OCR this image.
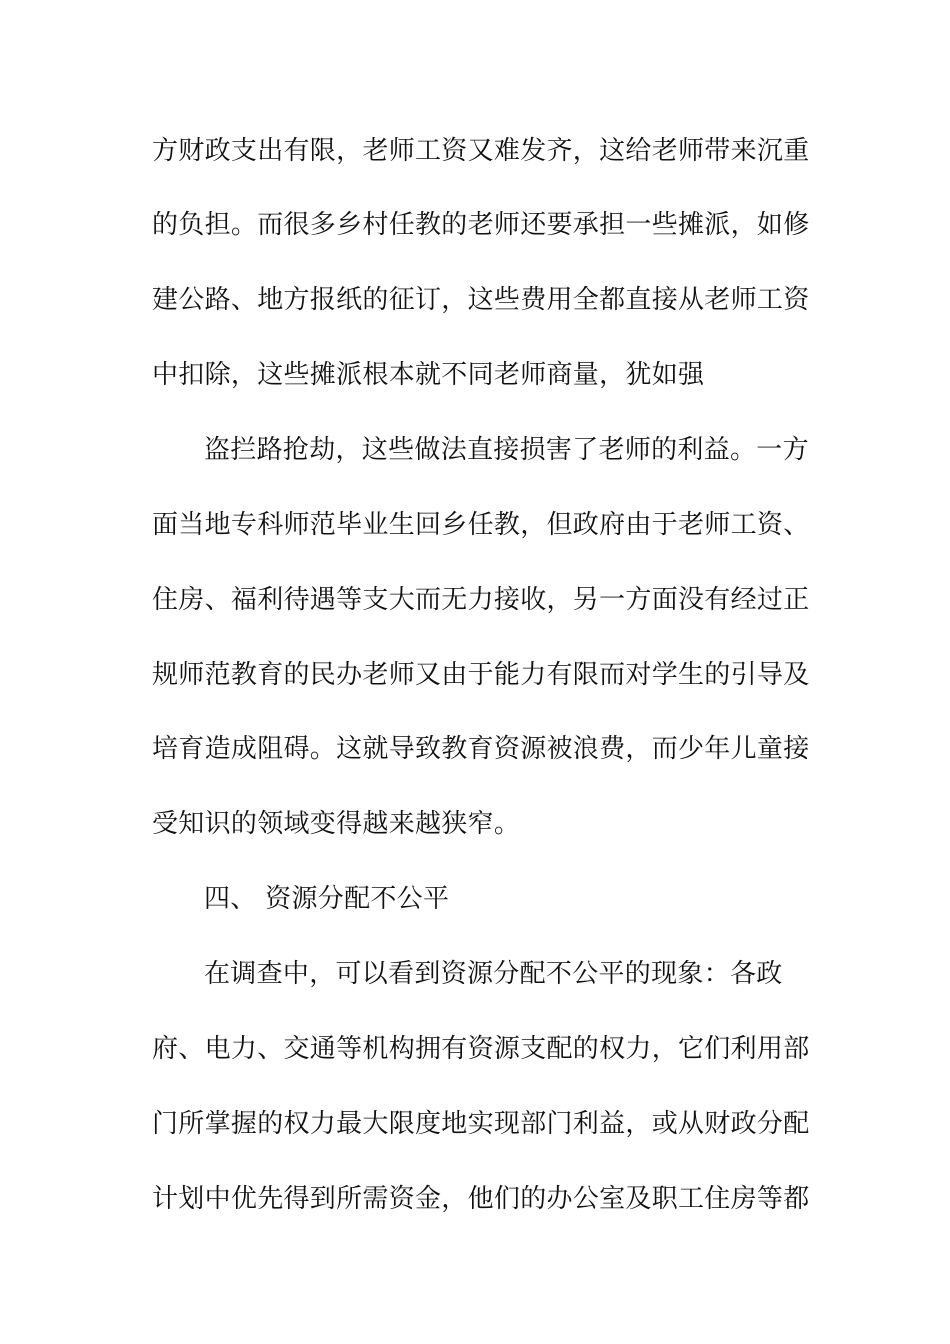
方财政支出有限，老师工资又难发齐，这给老师带来沉重
的负担。而很多乡村任教的老师还要承担一些摊派，如修
建公路、地方报纸的征订，这些费用全都直接从老师工资
中扣除，这些摊派根本就不同老师商量，犹如强
盗拦路抢劫，这些做法直接损害了老师的利益。一方
面当地专科师范毕业生回乡任教，但政府由于老师工资、
住房、福利待遇等支大而无力接收，另一方面没有经过正
规师范教育的民办老师又由于能力有限而对学生的引导及
培育造成阻碍。这就导致教育资源被浪费，而少年儿童接
受知识的领域变得越来越狭窄。
四、 资源分配不公平
在调查中，可以看到资源分配不公平的现象：各政
府、电力、交通等机构拥有资源支配的权力，它们利用部
门所掌握的权力最大限度地实现部门利益，或从财政分配
计划中优先得到所需资金，他们的办公室及职工住房等都
